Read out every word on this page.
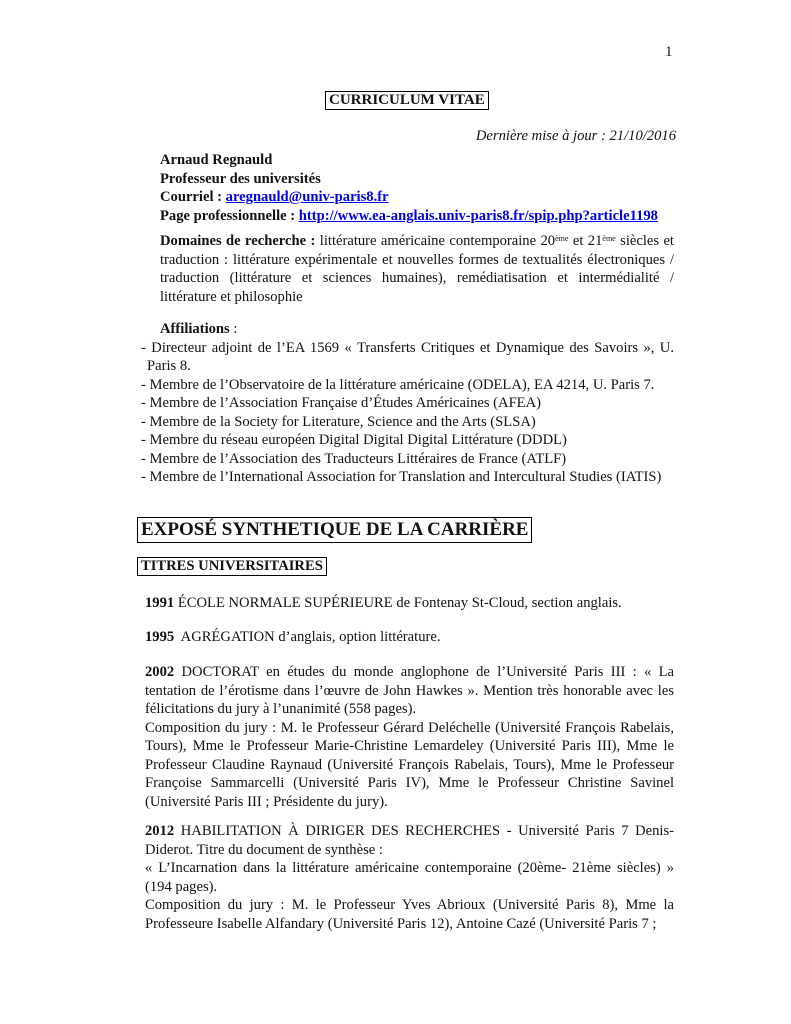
1
CURRICULUM VITAE
Dernière mise à jour : 21/10/2016
Arnaud Regnauld
Professeur des universités
Courriel : aregnauld@univ-paris8.fr
Page professionnelle : http://www.ea-anglais.univ-paris8.fr/spip.php?article1198

Domaines de recherche : littérature américaine contemporaine 20ème et 21ème siècles et traduction : littérature expérimentale et nouvelles formes de textualités électroniques / traduction (littérature et sciences humaines), remédiatisation et intermédialité / littérature et philosophie

Affiliations :

- Directeur adjoint de l’EA 1569 « Transferts Critiques et Dynamique des Savoirs », U. Paris 8.
- Membre de l’Observatoire de la littérature américaine (ODELA), EA 4214, U. Paris 7.
- Membre de l’Association Française d’Études Américaines (AFEA)
- Membre de la Society for Literature, Science and the Arts (SLSA)
- Membre du réseau européen Digital Digital Digital Littérature (DDDL)
- Membre de l’Association des Traducteurs Littéraires de France (ATLF)
- Membre de l’International Association for Translation and Intercultural Studies (IATIS)
EXPOSÉ SYNTHETIQUE DE LA CARRIÈRE
TITRES UNIVERSITAIRES

1991 ÉCOLE NORMALE SUPÉRIEURE de Fontenay St-Cloud, section anglais.

1995  AGRÉGATION d’anglais, option littérature.

2002 DOCTORAT en études du monde anglophone de l’Université Paris III : « La tentation de l’érotisme dans l’œuvre de John Hawkes ». Mention très honorable avec les félicitations du jury à l’unanimité (558 pages).

Composition du jury : M. le Professeur Gérard Deléchelle (Université François Rabelais, Tours), Mme le Professeur Marie-Christine Lemardeley (Université Paris III), Mme le Professeur Claudine Raynaud (Université François Rabelais, Tours), Mme le Professeur Françoise Sammarcelli (Université Paris IV), Mme le Professeur Christine Savinel (Université Paris III ; Présidente du jury).

2012 HABILITATION À DIRIGER DES RECHERCHES - Université Paris 7 Denis-Diderot. Titre du document de synthèse :

« L’Incarnation dans la littérature américaine contemporaine (20ème- 21ème siècles) » (194 pages).

Composition du jury : M. le Professeur Yves Abrioux (Université Paris 8), Mme la Professeure Isabelle Alfandary (Université Paris 12), Antoine Cazé (Université Paris 7 ;
